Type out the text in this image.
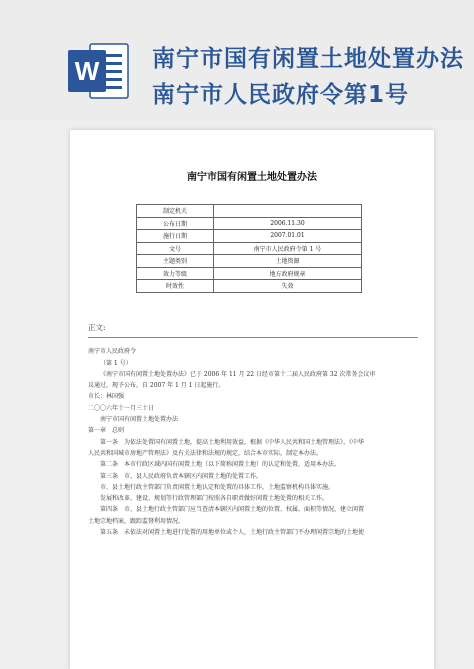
W 南宁市国有闲置土地处置办法
南宁市人民政府令第1号
南宁市国有闲置土地处置办法
制定机关	
公布日期	2006.11.30
施行日期	2007.01.01
文号	南宁市人民政府令第 1 号
主题类别	土地资源
效力等级	地方政府规章
时效性	失效
正文:
南宁市人民政府令
（第 1 号）
《南宁市国有闲置土地处置办法》已于 2006 年 11 月 22 日经市第十二届人民政府第 32 次常务会议审
议通过，现予公布，自 2007 年 1 月 1 日起施行。
市长：林国强
二〇〇六年十一月三十日
南宁市国有闲置土地处置办法
第一章　总则
第一条　为依法处置国有闲置土地，提高土地利用效益，根据《中华人民共和国土地管理法》、《中华
人民共和国城市房地产管理法》及有关法律和法规的规定，结合本市实际，制定本办法。
第二条　本市行政区域内国有闲置土地（以下简称闲置土地）的认定和处置，适用本办法。
第三条　市、县人民政府负责本辖区内闲置土地的处置工作。
市、县土地行政主管部门负责闲置土地认定和处置的具体工作，土地监察机构具体实施。
发展和改革、建设、规划等行政管理部门按照各自职责做好闲置土地处置的相关工作。
第四条　市、县土地行政主管部门应当查清本辖区内闲置土地的位置、权属、面积等情况，建立闲置
土地宗地档案，跟踪监督利用情况。
第五条　未依法对闲置土地进行处置的用地单位或个人，土地行政主管部门不办理闲置宗地的土地使
